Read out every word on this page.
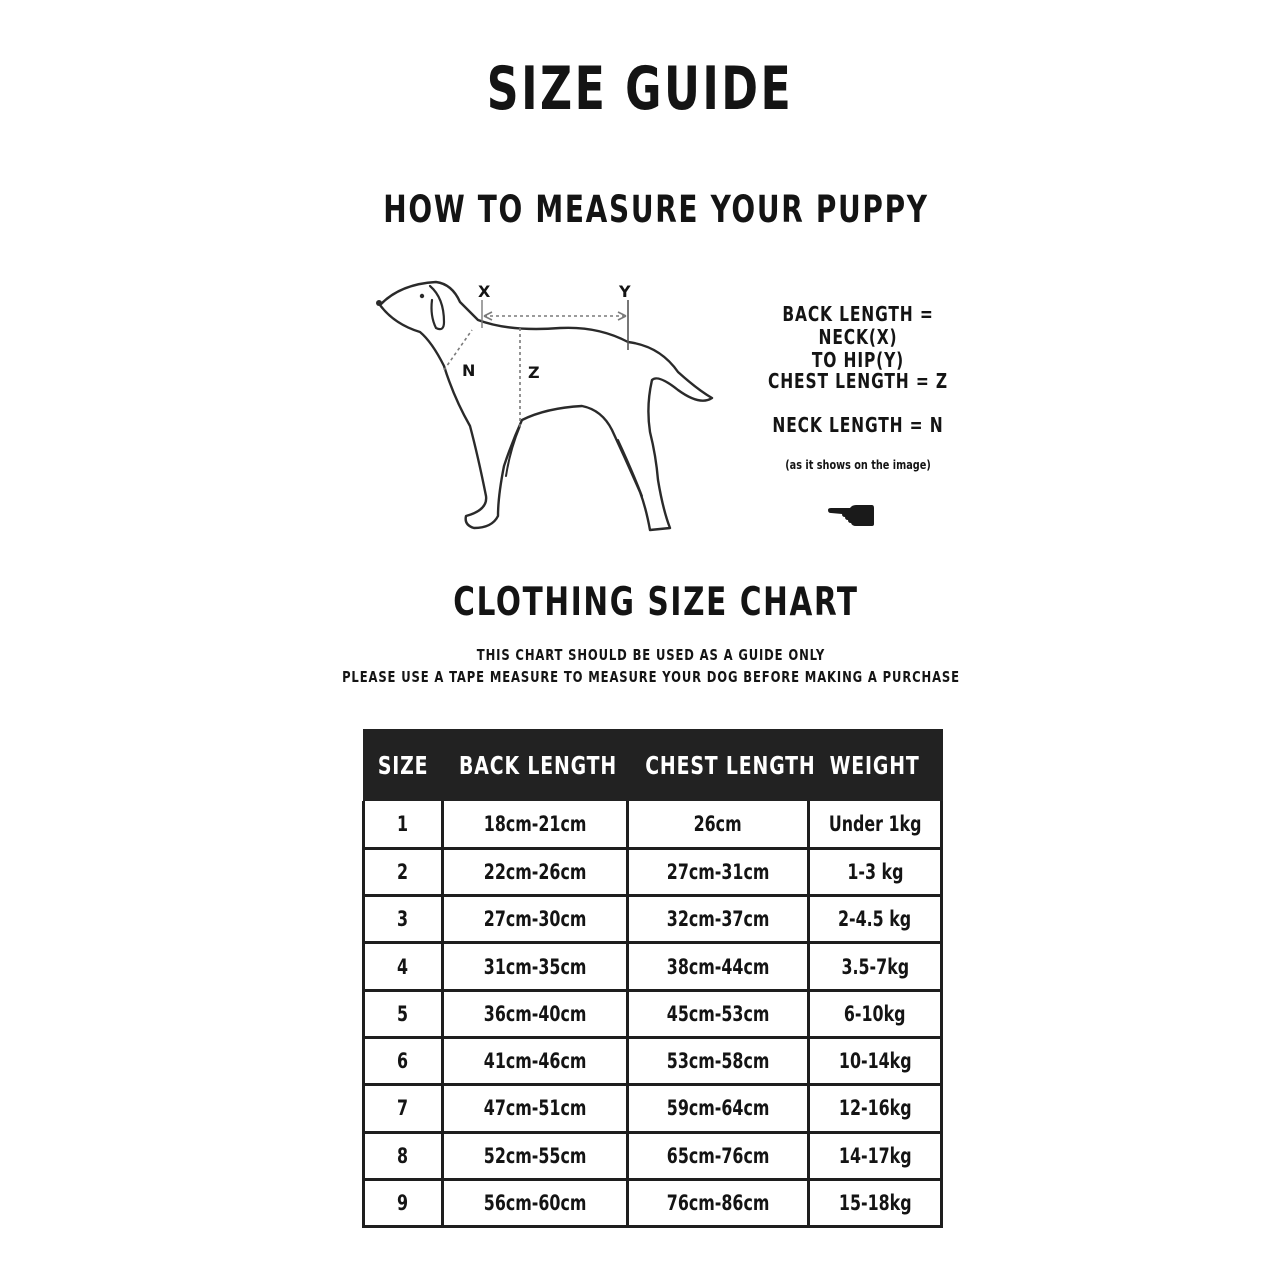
SIZE GUIDE
HOW TO MEASURE YOUR PUPPY
X	Y
N	Z
BACK LENGTH = NECK(X)
TO HIP(Y)
CHEST LENGTH = Z
NECK LENGTH = N
(as it shows on the image)
CLOTHING SIZE CHART
THIS CHART SHOULD BE USED AS A GUIDE ONLY
PLEASE USE A TAPE MEASURE TO MEASURE YOUR DOG BEFORE MAKING A PURCHASE
SIZE	BACK LENGTH	CHEST LENGTH	WEIGHT
1	18cm-21cm	26cm	Under 1kg
2	22cm-26cm	27cm-31cm	1-3 kg
3	27cm-30cm	32cm-37cm	2-4.5 kg
4	31cm-35cm	38cm-44cm	3.5-7kg
5	36cm-40cm	45cm-53cm	6-10kg
6	41cm-46cm	53cm-58cm	10-14kg
7	47cm-51cm	59cm-64cm	12-16kg
8	52cm-55cm	65cm-76cm	14-17kg
9	56cm-60cm	76cm-86cm	15-18kg
